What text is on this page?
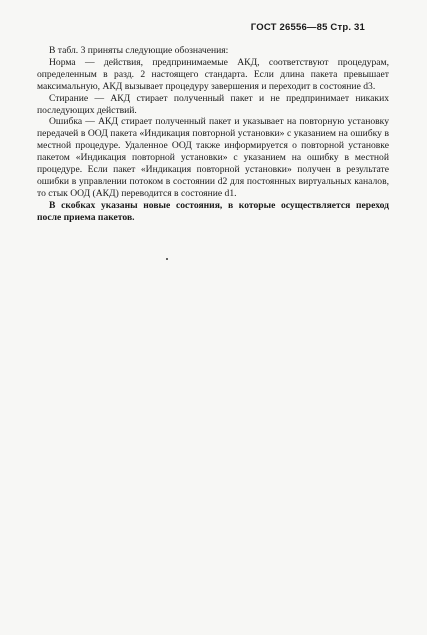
ГОСТ 26556—85 Стр. 31

В табл. 3 приняты следующие обозначения:

Норма — действия, предпринимаемые АКД, соответствуют процедурам, определенным в разд. 2 настоящего стандарта. Если длина пакета превышает максимальную, АКД вызывает процедуру завершения и переходит в состояние d3.

Стирание — АКД стирает полученный пакет и не предпринимает никаких последующих действий.

Ошибка — АКД стирает полученный пакет и указывает на повторную установку передачей в ООД пакета «Индикация повторной установки» с указанием на ошибку в местной процедуре. Удаленное ООД также информируется о повторной установке пакетом «Индикация повторной установки» с указанием на ошибку в местной процедуре. Если пакет «Индикация повторной установки» получен в результате ошибки в управлении потоком в состоянии d2 для постоянных виртуальных каналов, то стык ООД (АКД) переводится в состояние d1.

В скобках указаны новые состояния, в которые осуществляется переход после приема пакетов.
